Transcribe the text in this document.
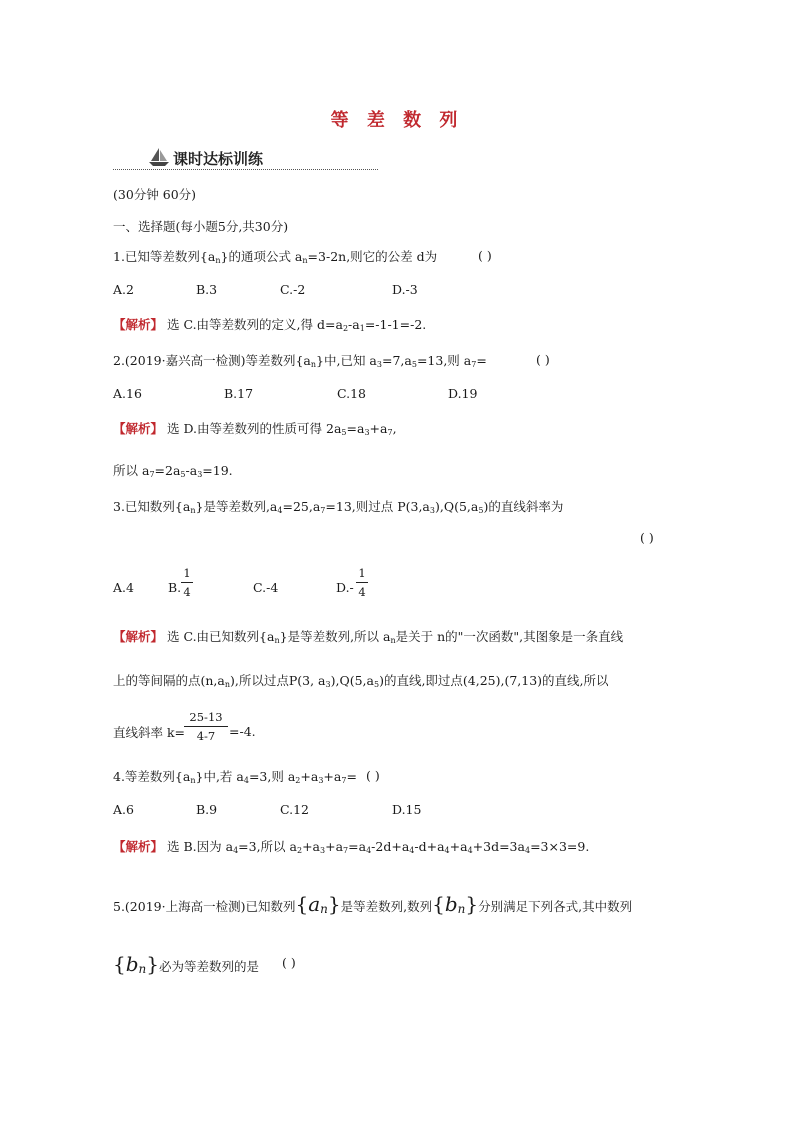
等 差 数 列
课时达标训练
(30分钟 60分)
一、选择题(每小题5分,共30分)
1.已知等差数列$\{a_n\}$的通项公式 $a_n=3-2n$,则它的公差 d为	( )
A.2	B.3	C.-2	D.-3
【解析】 选 C.由等差数列的定义,得 $d=a_2-a_1=-1-1=-2$.
2.(2019·嘉兴高一检测)等差数列$\{a_n\}$中,已知 $a_3=7,a_5=13$,则 $a_7=$	( )
A.16	B.17	C.18	D.19
【解析】 选 D.由等差数列的性质可得 $2a_5=a_3+a_7$,
所以 $a_7=2a_5-a_3=19$.
3.已知数列$\{a_n\}$是等差数列$,a_4=25,a_7=13$,则过点 $P(3,a_3),Q(5,a_5)$的直线斜率为
( )
A.4	B.
1
4	C.-4	D.-
1
4
【解析】 选 C.由已知数列$\{a_n\}$是等差数列,所以 $a_n$是关于 n的"一次函数",其图象是一条直线
上的等间隔的点$(n,a_n)$,所以过点P(3, $a_3),Q(5,a_5)$的直线,即过点(4,25),(7,13)的直线,所以
直线斜率 k=
25-13
4-7	=-4.
4.等差数列$\{a_n\}$中,若 $a_4=3$,则 $a_2+a_3+a_7=$ ( )
A.6	B.9	C.12	D.15
【解析】 选 B.因为 $a_4=3$,所以 $a_2+a_3+a_7=a_4-2d+a_4-d+a_4+a_4+3d=3a_4=3\times 3=9$.
5.(2019·上海高一检测)已知数列$\{a_n\}$是等差数列,数列$\{b_n\}$分别满足下列各式,其中数列
$\{b_n\}$必为等差数列的是 ( )
